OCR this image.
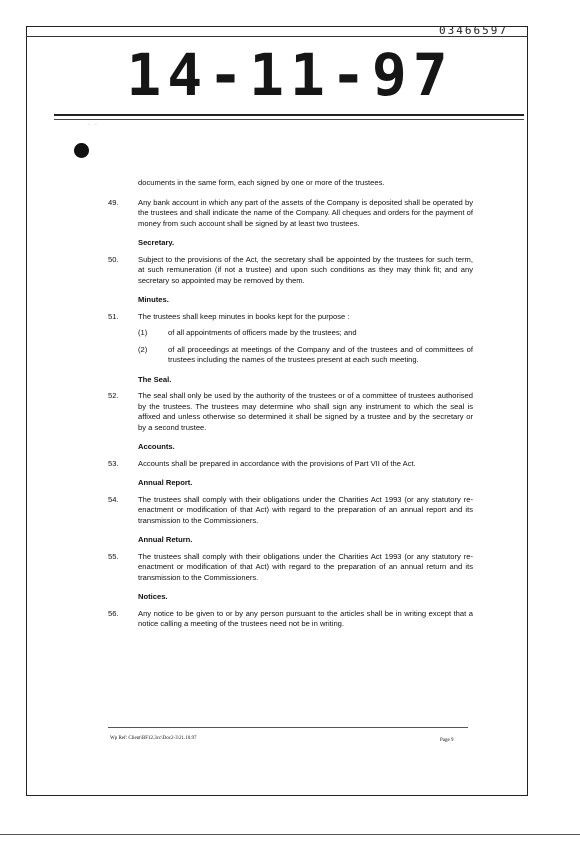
03466597
14-11-97
·   ·

documents in the same form, each signed by one or more of the trustees.

49.	Any bank account in which any part of the assets of the Company is deposited shall be operated by the trustees and shall indicate the name of the Company. All cheques and orders for the payment of money from such account shall be signed by at least two trustees.
Secretary.
50.	Subject to the provisions of the Act, the secretary shall be appointed by the trustees for such term, at such remuneration (if not a trustee) and upon such conditions as they may think fit; and any secretary so appointed may be removed by them.
Minutes.
51.	The trustees shall keep minutes in books kept for the purpose :
(1)	of all appointments of officers made by the trustees; and
(2)	of all proceedings at meetings of the Company and of the trustees and of committees of trustees including the names of the trustees present at each such meeting.
The Seal.
52.	The seal shall only be used by the authority of the trustees or of a committee of trustees authorised by the trustees. The trustees may determine who shall sign any instrument to which the seal is affixed and unless otherwise so determined it shall be signed by a trustee and by the secretary or by a second trustee.
Accounts.
53.	Accounts shall be prepared in accordance with the provisions of Part VII of the Act.
Annual Report.
54.	The trustees shall comply with their obligations under the Charities Act 1993 (or any statutory re-enactment or modification of that Act) with regard to the preparation of an annual report and its transmission to the Commissioners.
Annual Return.
55.	The trustees shall comply with their obligations under the Charities Act 1993 (or any statutory re-enactment or modification of that Act) with regard to the preparation of an annual return and its transmission to the Commissioners.
Notices.
56.	Any notice to be given to or by any person pursuant to the articles shall be in writing except that a notice calling a meeting of the trustees need not be in writing.
Wp Ref: Client\BF12.3cc\Doc2-3\21.10.97	Page 9
